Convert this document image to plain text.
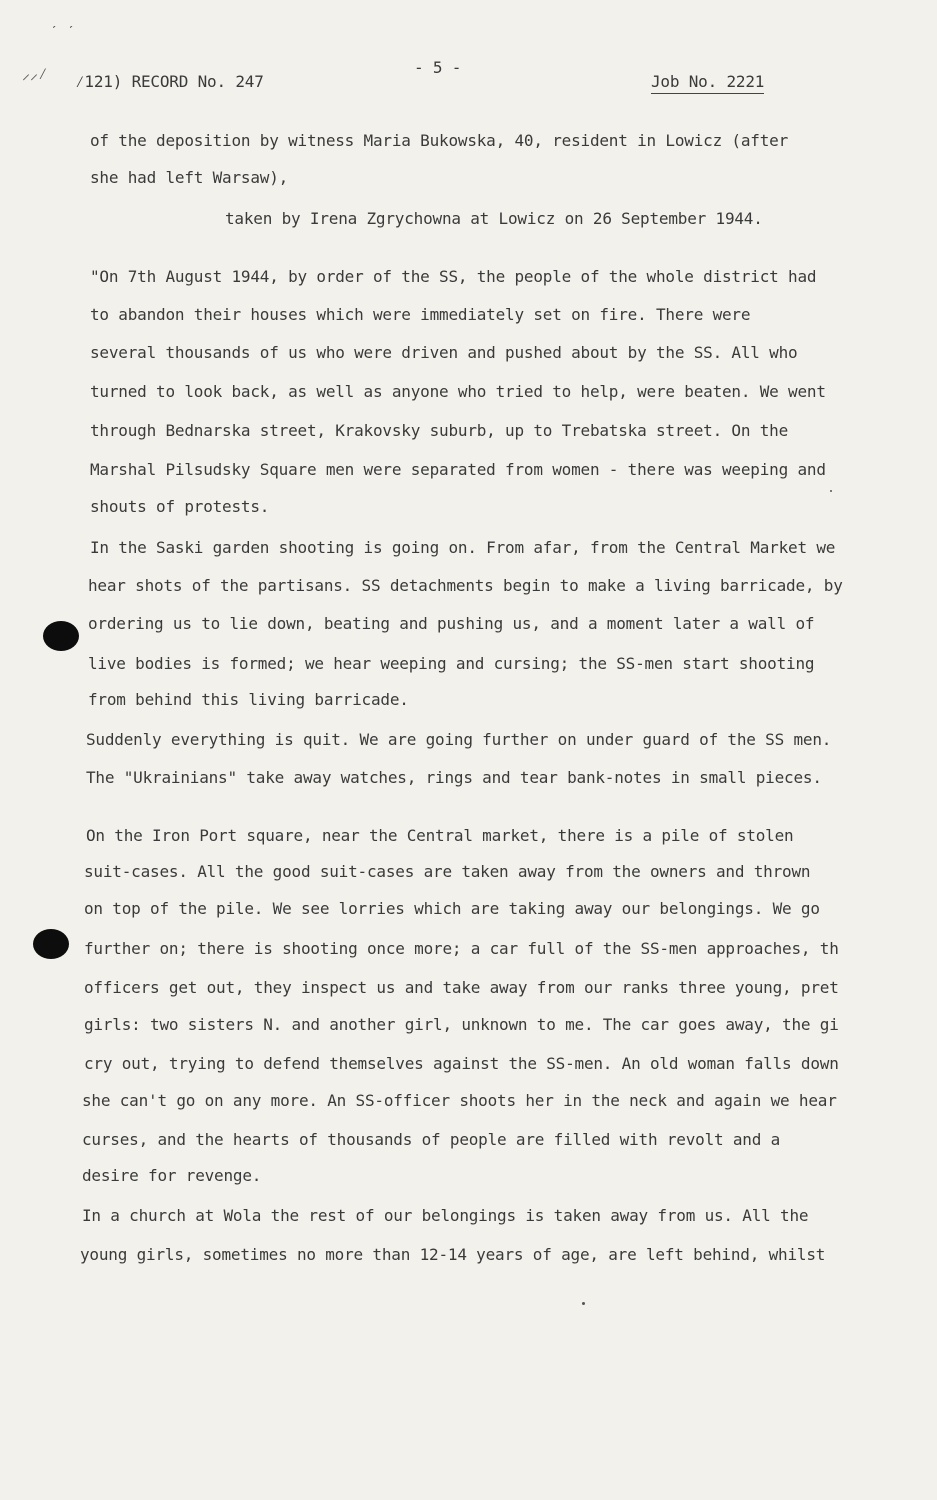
ˊ ˊ
⸝⸝⁄ ⁄121) RECORD No. 247
- 5 -
Job No. 2221
of the deposition by witness Maria Bukowska, 40, resident in Lowicz (after
she had left Warsaw),
taken by Irena Zgrychowna at Lowicz on 26 September 1944.
"On 7th August 1944, by order of the SS, the people of the whole district had
to abandon their houses which were immediately set on fire. There were
several thousands of us who were driven and pushed about by the SS. All who
turned to look back, as well as anyone who tried to help, were beaten. We went
through Bednarska street, Krakovsky suburb, up to Trebatska street. On the
Marshal Pilsudsky Square men were separated from women - there was weeping and
shouts of protests.
In the Saski garden shooting is going on. From afar, from the Central Market we
hear shots of the partisans. SS detachments begin to make a living barricade, by
ordering us to lie down, beating and pushing us, and a moment later a wall of
live bodies is formed; we hear weeping and cursing; the SS-men start shooting
from behind this living barricade.
Suddenly everything is quit. We are going further on under guard of the SS men.
The "Ukrainians" take away watches, rings and tear bank-notes in small pieces.
On the Iron Port square, near the Central market, there is a pile of stolen
suit-cases. All the good suit-cases are taken away from the owners and thrown
on top of the pile. We see lorries which are taking away our belongings. We go
further on; there is shooting once more; a car full of the SS-men approaches, th
officers get out, they inspect us and take away from our ranks three young, pret
girls: two sisters N. and another girl, unknown to me. The car goes away, the gi
cry out, trying to defend themselves against the SS-men. An old woman falls down
she can't go on any more. An SS-officer shoots her in the neck and again we hear
curses, and the hearts of thousands of people are filled with revolt and a
desire for revenge.
In a church at Wola the rest of our belongings is taken away from us. All the
young girls, sometimes no more than 12-14 years of age, are left behind, whilst
